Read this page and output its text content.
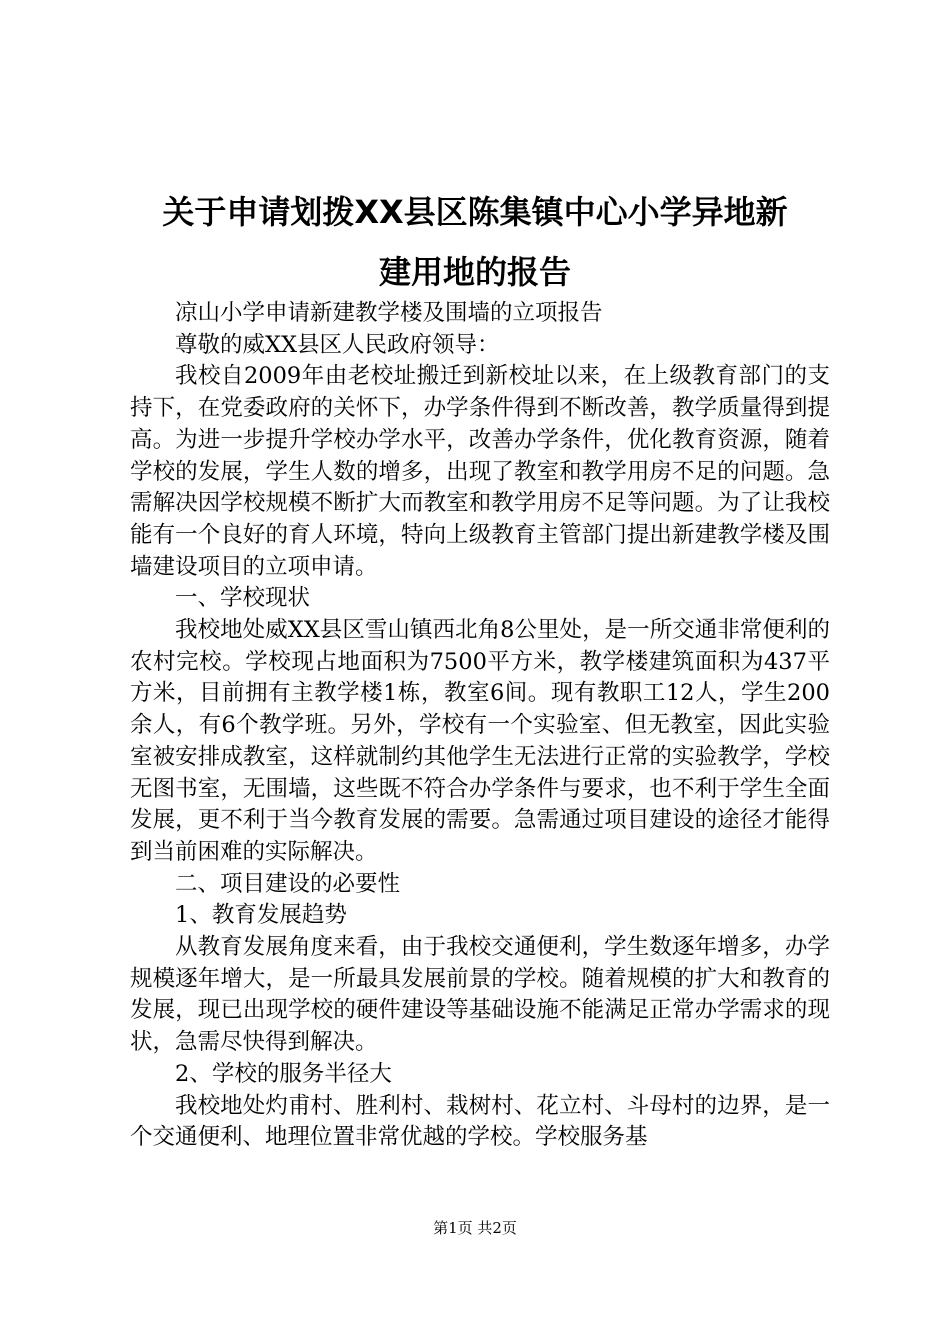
关于申请划拨XX县区陈集镇中心小学异地新
建用地的报告

凉山小学申请新建教学楼及围墙的立项报告

尊敬的威XX县区人民政府领导：

我校自2009年由老校址搬迁到新校址以来，在上级教育部门的支持下，在党委政府的关怀下，办学条件得到不断改善，教学质量得到提高。为进一步提升学校办学水平，改善办学条件，优化教育资源，随着学校的发展，学生人数的增多，出现了教室和教学用房不足的问题。急需解决因学校规模不断扩大而教室和教学用房不足等问题。为了让我校能有一个良好的育人环境，特向上级教育主管部门提出新建教学楼及围墙建设项目的立项申请。

一、学校现状

我校地处威XX县区雪山镇西北角8公里处，是一所交通非常便利的农村完校。学校现占地面积为7500平方米，教学楼建筑面积为437平方米，目前拥有主教学楼1栋，教室6间。现有教职工12人，学生200余人，有6个教学班。另外，学校有一个实验室、但无教室，因此实验室被安排成教室，这样就制约其他学生无法进行正常的实验教学，学校无图书室，无围墙，这些既不符合办学条件与要求，也不利于学生全面发展，更不利于当今教育发展的需要。急需通过项目建设的途径才能得到当前困难的实际解决。

二、项目建设的必要性

1、教育发展趋势

从教育发展角度来看，由于我校交通便利，学生数逐年增多，办学规模逐年增大，是一所最具发展前景的学校。随着规模的扩大和教育的发展，现已出现学校的硬件建设等基础设施不能满足正常办学需求的现状，急需尽快得到解决。

2、学校的服务半径大

我校地处灼甫村、胜利村、栽树村、花立村、斗母村的边界，是一个交通便利、地理位置非常优越的学校。学校服务基

第1页 共2页
